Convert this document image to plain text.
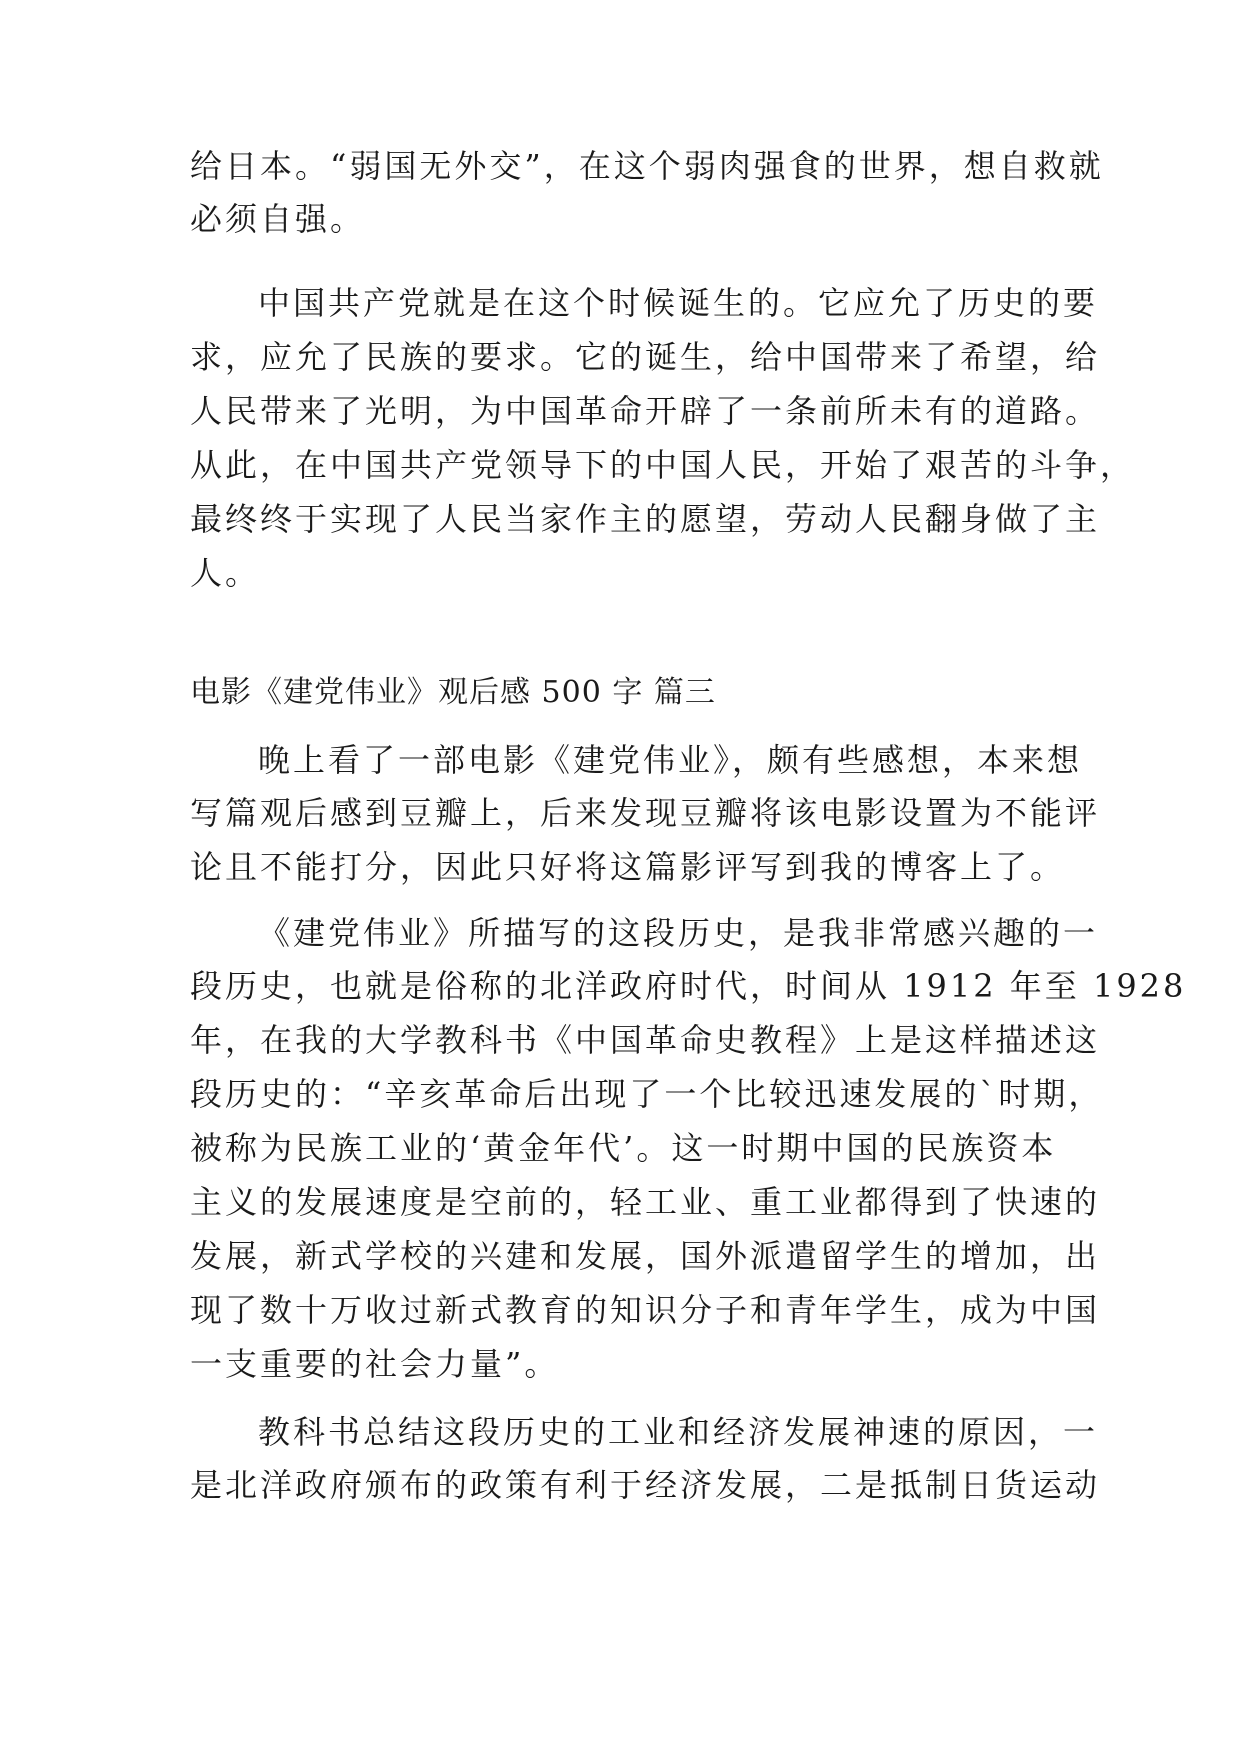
给日本。“弱国无外交”，在这个弱肉强食的世界，想自救就
必须自强。
中国共产党就是在这个时候诞生的。它应允了历史的要
求，应允了民族的要求。它的诞生，给中国带来了希望，给
人民带来了光明，为中国革命开辟了一条前所未有的道路。
从此，在中国共产党领导下的中国人民，开始了艰苦的斗争，
最终终于实现了人民当家作主的愿望，劳动人民翻身做了主
人。
电影《建党伟业》观后感 500 字 篇三
晚上看了一部电影《建党伟业》，颇有些感想，本来想
写篇观后感到豆瓣上，后来发现豆瓣将该电影设置为不能评
论且不能打分，因此只好将这篇影评写到我的博客上了。
《建党伟业》所描写的这段历史，是我非常感兴趣的一
段历史，也就是俗称的北洋政府时代，时间从 1912 年至 1928
年，在我的大学教科书《中国革命史教程》上是这样描述这
段历史的：“辛亥革命后出现了一个比较迅速发展的`时期，
被称为民族工业的‘黄金年代’。这一时期中国的民族资本
主义的发展速度是空前的，轻工业、重工业都得到了快速的
发展，新式学校的兴建和发展，国外派遣留学生的增加，出
现了数十万收过新式教育的知识分子和青年学生，成为中国
一支重要的社会力量”。
教科书总结这段历史的工业和经济发展神速的原因，一
是北洋政府颁布的政策有利于经济发展，二是抵制日货运动
